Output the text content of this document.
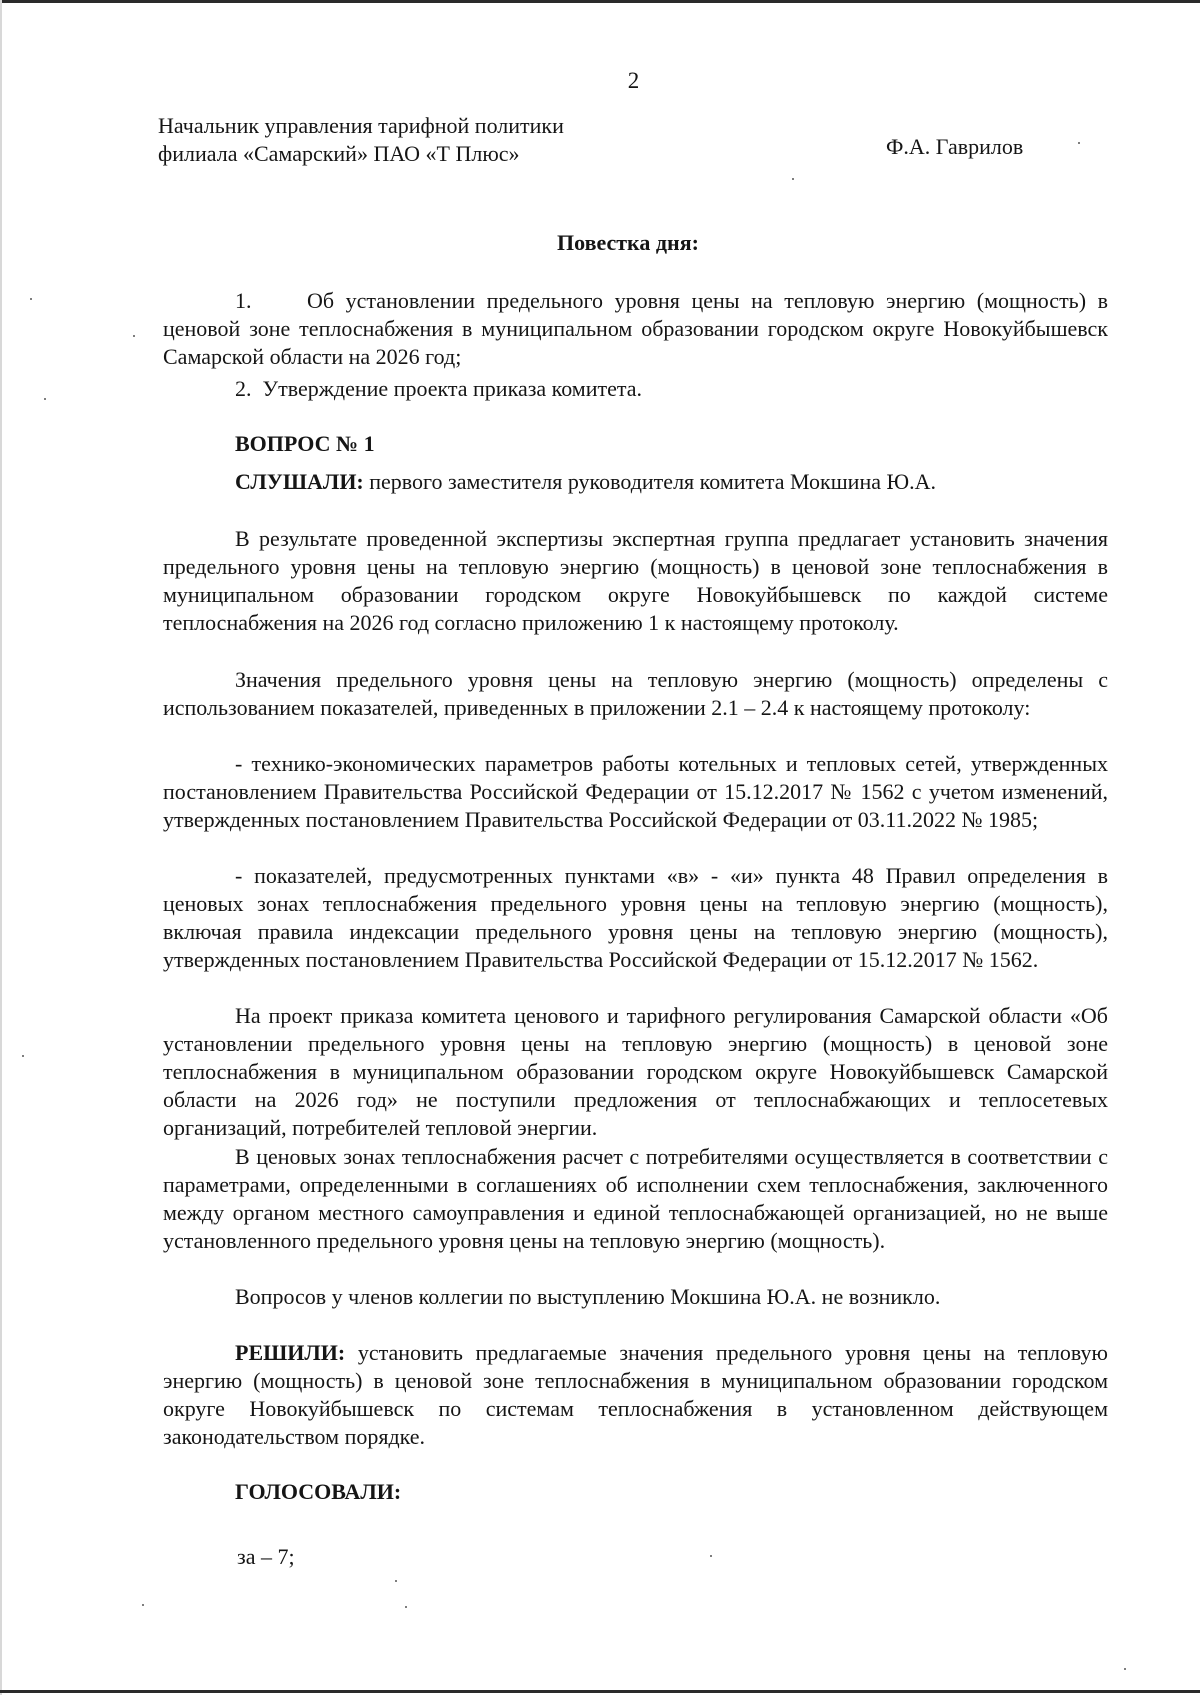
2
Начальник управления тарифной политики
филиала «Самарский» ПАО «Т Плюс»	Ф.А. Гаврилов
Повестка дня:
1.	Об установлении предельного уровня цены на тепловую энергию (мощность) в ценовой зоне теплоснабжения в муниципальном образовании городском округе Новокуйбышевск Самарской области на 2026 год;
2. Утверждение проекта приказа комитета.
ВОПРОС № 1
СЛУШАЛИ: первого заместителя руководителя комитета Мокшина Ю.А.
В результате проведенной экспертизы экспертная группа предлагает установить значения предельного уровня цены на тепловую энергию (мощность) в ценовой зоне теплоснабжения в муниципальном образовании городском округе Новокуйбышевск по каждой системе теплоснабжения на 2026 год согласно приложению 1 к настоящему протоколу.
Значения предельного уровня цены на тепловую энергию (мощность) определены с использованием показателей, приведенных в приложении 2.1 – 2.4 к настоящему протоколу:
- технико-экономических параметров работы котельных и тепловых сетей, утвержденных постановлением Правительства Российской Федерации от 15.12.2017 № 1562 с учетом изменений, утвержденных постановлением Правительства Российской Федерации от 03.11.2022 № 1985;
- показателей, предусмотренных пунктами «в» - «и» пункта 48 Правил определения в ценовых зонах теплоснабжения предельного уровня цены на тепловую энергию (мощность), включая правила индексации предельного уровня цены на тепловую энергию (мощность), утвержденных постановлением Правительства Российской Федерации от 15.12.2017 № 1562.
На проект приказа комитета ценового и тарифного регулирования Самарской области «Об установлении предельного уровня цены на тепловую энергию (мощность) в ценовой зоне теплоснабжения в муниципальном образовании городском округе Новокуйбышевск Самарской области на 2026 год» не поступили предложения от теплоснабжающих и теплосетевых организаций, потребителей тепловой энергии.
В ценовых зонах теплоснабжения расчет с потребителями осуществляется в соответствии с параметрами, определенными в соглашениях об исполнении схем теплоснабжения, заключенного между органом местного самоуправления и единой теплоснабжающей организацией, но не выше установленного предельного уровня цены на тепловую энергию (мощность).
Вопросов у членов коллегии по выступлению Мокшина Ю.А. не возникло.
РЕШИЛИ: установить предлагаемые значения предельного уровня цены на тепловую энергию (мощность) в ценовой зоне теплоснабжения в муниципальном образовании городском округе Новокуйбышевск по системам теплоснабжения в установленном действующем законодательством порядке.
ГОЛОСОВАЛИ:
за – 7;
